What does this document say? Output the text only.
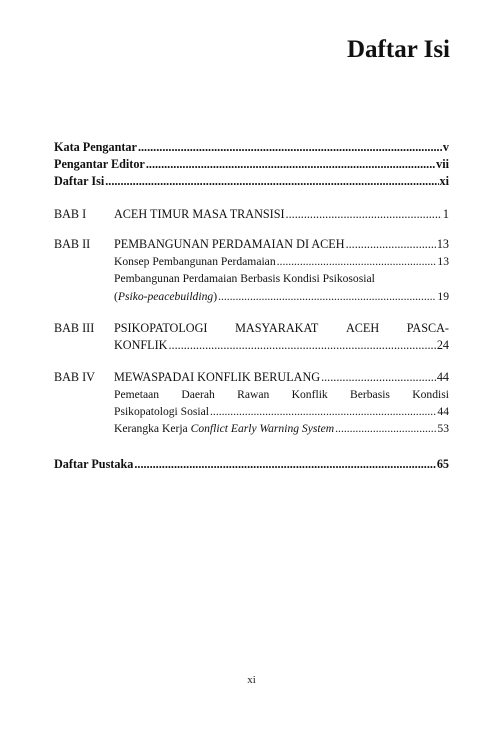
Daftar Isi
Kata Pengantar .....	v
Pengantar Editor .....	vii
Daftar Isi .....	xi
BAB I ACEH TIMUR MASA TRANSISI .....	1
BAB II PEMBANGUNAN PERDAMAIAN DI ACEH .....	13
Konsep Pembangunan Perdamaian .....	13
Pembangunan Perdamaian Berbasis Kondisi Psikososial
(Psiko-peacebuilding) .....	19
BAB III PSIKOPATOLOGI MASYARAKAT ACEH PASCA-
KONFLIK .....	24
BAB IV MEWASPADAI KONFLIK BERULANG .....	44
Pemetaan Daerah Rawan Konflik Berbasis Kondisi
Psikopatologi Sosial .....	44
Kerangka Kerja Conflict Early Warning System .....	53
Daftar Pustaka .....	65
xi
